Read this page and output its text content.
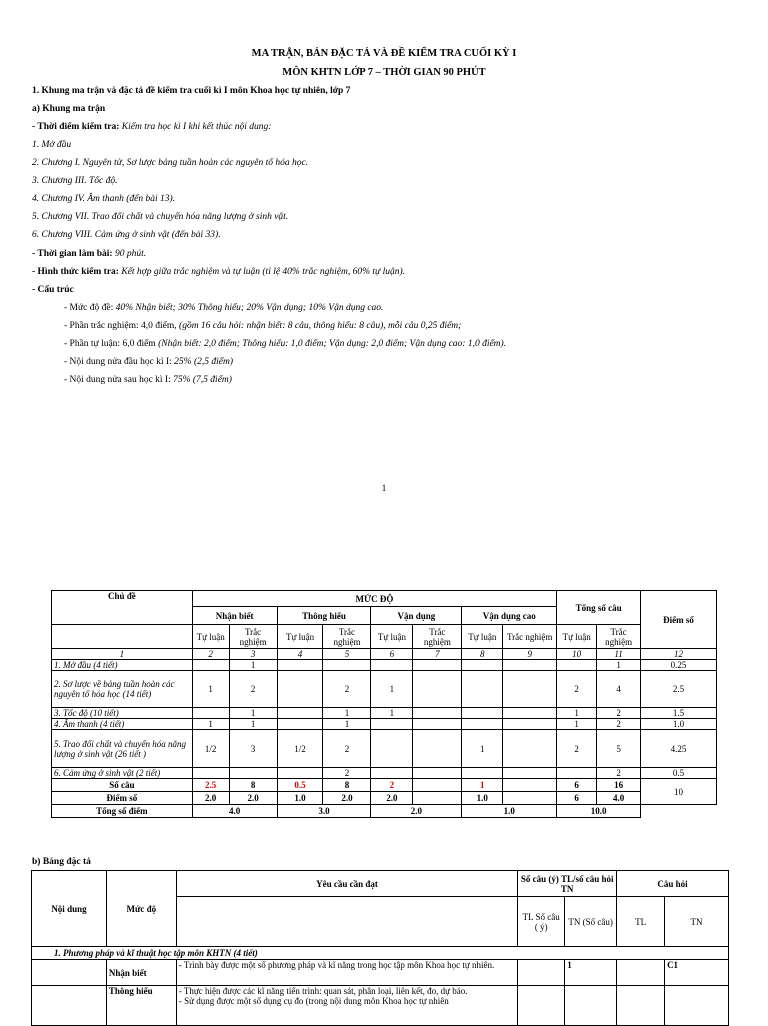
MA TRẬN, BẢN ĐẶC TẢ VÀ ĐỀ KIỂM TRA CUỐI KỲ I
MÔN KHTN LỚP 7 – THỜI GIAN 90 PHÚT
1. Khung ma trận và đặc tả đề kiểm tra cuối kì I môn Khoa học tự nhiên, lớp 7
a) Khung ma trận
- Thời điểm kiểm tra: Kiểm tra học kì I khi kết thúc nội dung:
1. Mở đầu
2. Chương I. Nguyên tử, Sơ lược bảng tuần hoàn các nguyên tố hóa học.
3. Chương III. Tốc độ.
4. Chương IV. Âm thanh (đến bài 13).
5. Chương VII. Trao đổi chất và chuyển hóa năng lượng ở sinh vật.
6. Chương VIII. Cảm ứng ở sinh vật (đến bài 33).
- Thời gian làm bài: 90 phút.
- Hình thức kiểm tra: Kết hợp giữa trắc nghiệm và tự luận (tỉ lệ 40% trắc nghiệm, 60% tự luận).
- Cấu trúc
- Mức độ đề: 40% Nhận biết; 30% Thông hiểu; 20% Vận dụng; 10% Vận dụng cao.
- Phần trắc nghiệm: 4,0 điểm, (gồm 16 câu hỏi: nhận biết: 8 câu, thông hiểu: 8 câu), mỗi câu 0,25 điểm;
- Phần tự luận: 6,0 điểm (Nhận biết: 2,0 điểm; Thông hiểu: 1,0 điểm; Vận dụng: 2,0 điểm; Vận dụng cao: 1,0 điểm).
- Nội dung nửa đầu học kì I: 25% (2,5 điểm)
- Nội dung nửa sau học kì I: 75% (7,5 điểm)
1
Chủ đề	MỨC ĐỘ								Tổng số câu		Điểm số
	Nhận biết		Thông hiểu		Vận dụng		Vận dụng cao				
	Tự luận	Trắc nghiệm	Tự luận	Trắc nghiệm	Tự luận	Trắc nghiệm	Tự luận	Trắc nghiệm	Tự luận	Trắc nghiệm	
1	2	3	4	5	6	7	8	9	10	11	12
1. Mở đầu (4 tiết)		1								1	0.25
2. Sơ lược về bảng tuần hoàn các nguyên tố hóa học (14 tiết)	1	2		2	1				2	4	2.5
3. Tốc độ (10 tiết)		1		1	1				1	2	1.5
4. Âm thanh (4 tiết)	1	1		1					1	2	1.0
5. Trao đổi chất và chuyển hóa năng lượng ở sinh vật (26 tiết )	1/2	3	1/2	2			1		2	5	4.25
6. Cảm ứng ở sinh vật (2 tiết)				2						2	0.5
Số câu	2.5	8	0.5	8	2		1		6	16	10
Điểm số	2.0	2.0	1.0	2.0	2.0		1.0		6	4.0	
Tổng số điểm	4.0		3.0		2.0		1.0		10.0		
b) Bảng đặc tả
Nội dung	Mức độ	Yêu cầu cần đạt	Số câu (ý) TL/số câu hỏi TN		Câu hỏi	
			TL Số câu ( ý)	TN (Số câu)	TL	TN
1. Phương pháp và kĩ thuật học tập môn KHTN (4 tiết)						
	Nhận biết	- Trình bày được một số phương pháp và kĩ năng trong học tập môn Khoa học tự nhiên.		1		C1
	Thông hiểu	- Thực hiện được các kĩ năng tiến trình: quan sát, phân loại, liên kết, đo, dự báo.
- Sử dụng được một số dụng cụ đo (trong nội dung môn Khoa học tự nhiên				
